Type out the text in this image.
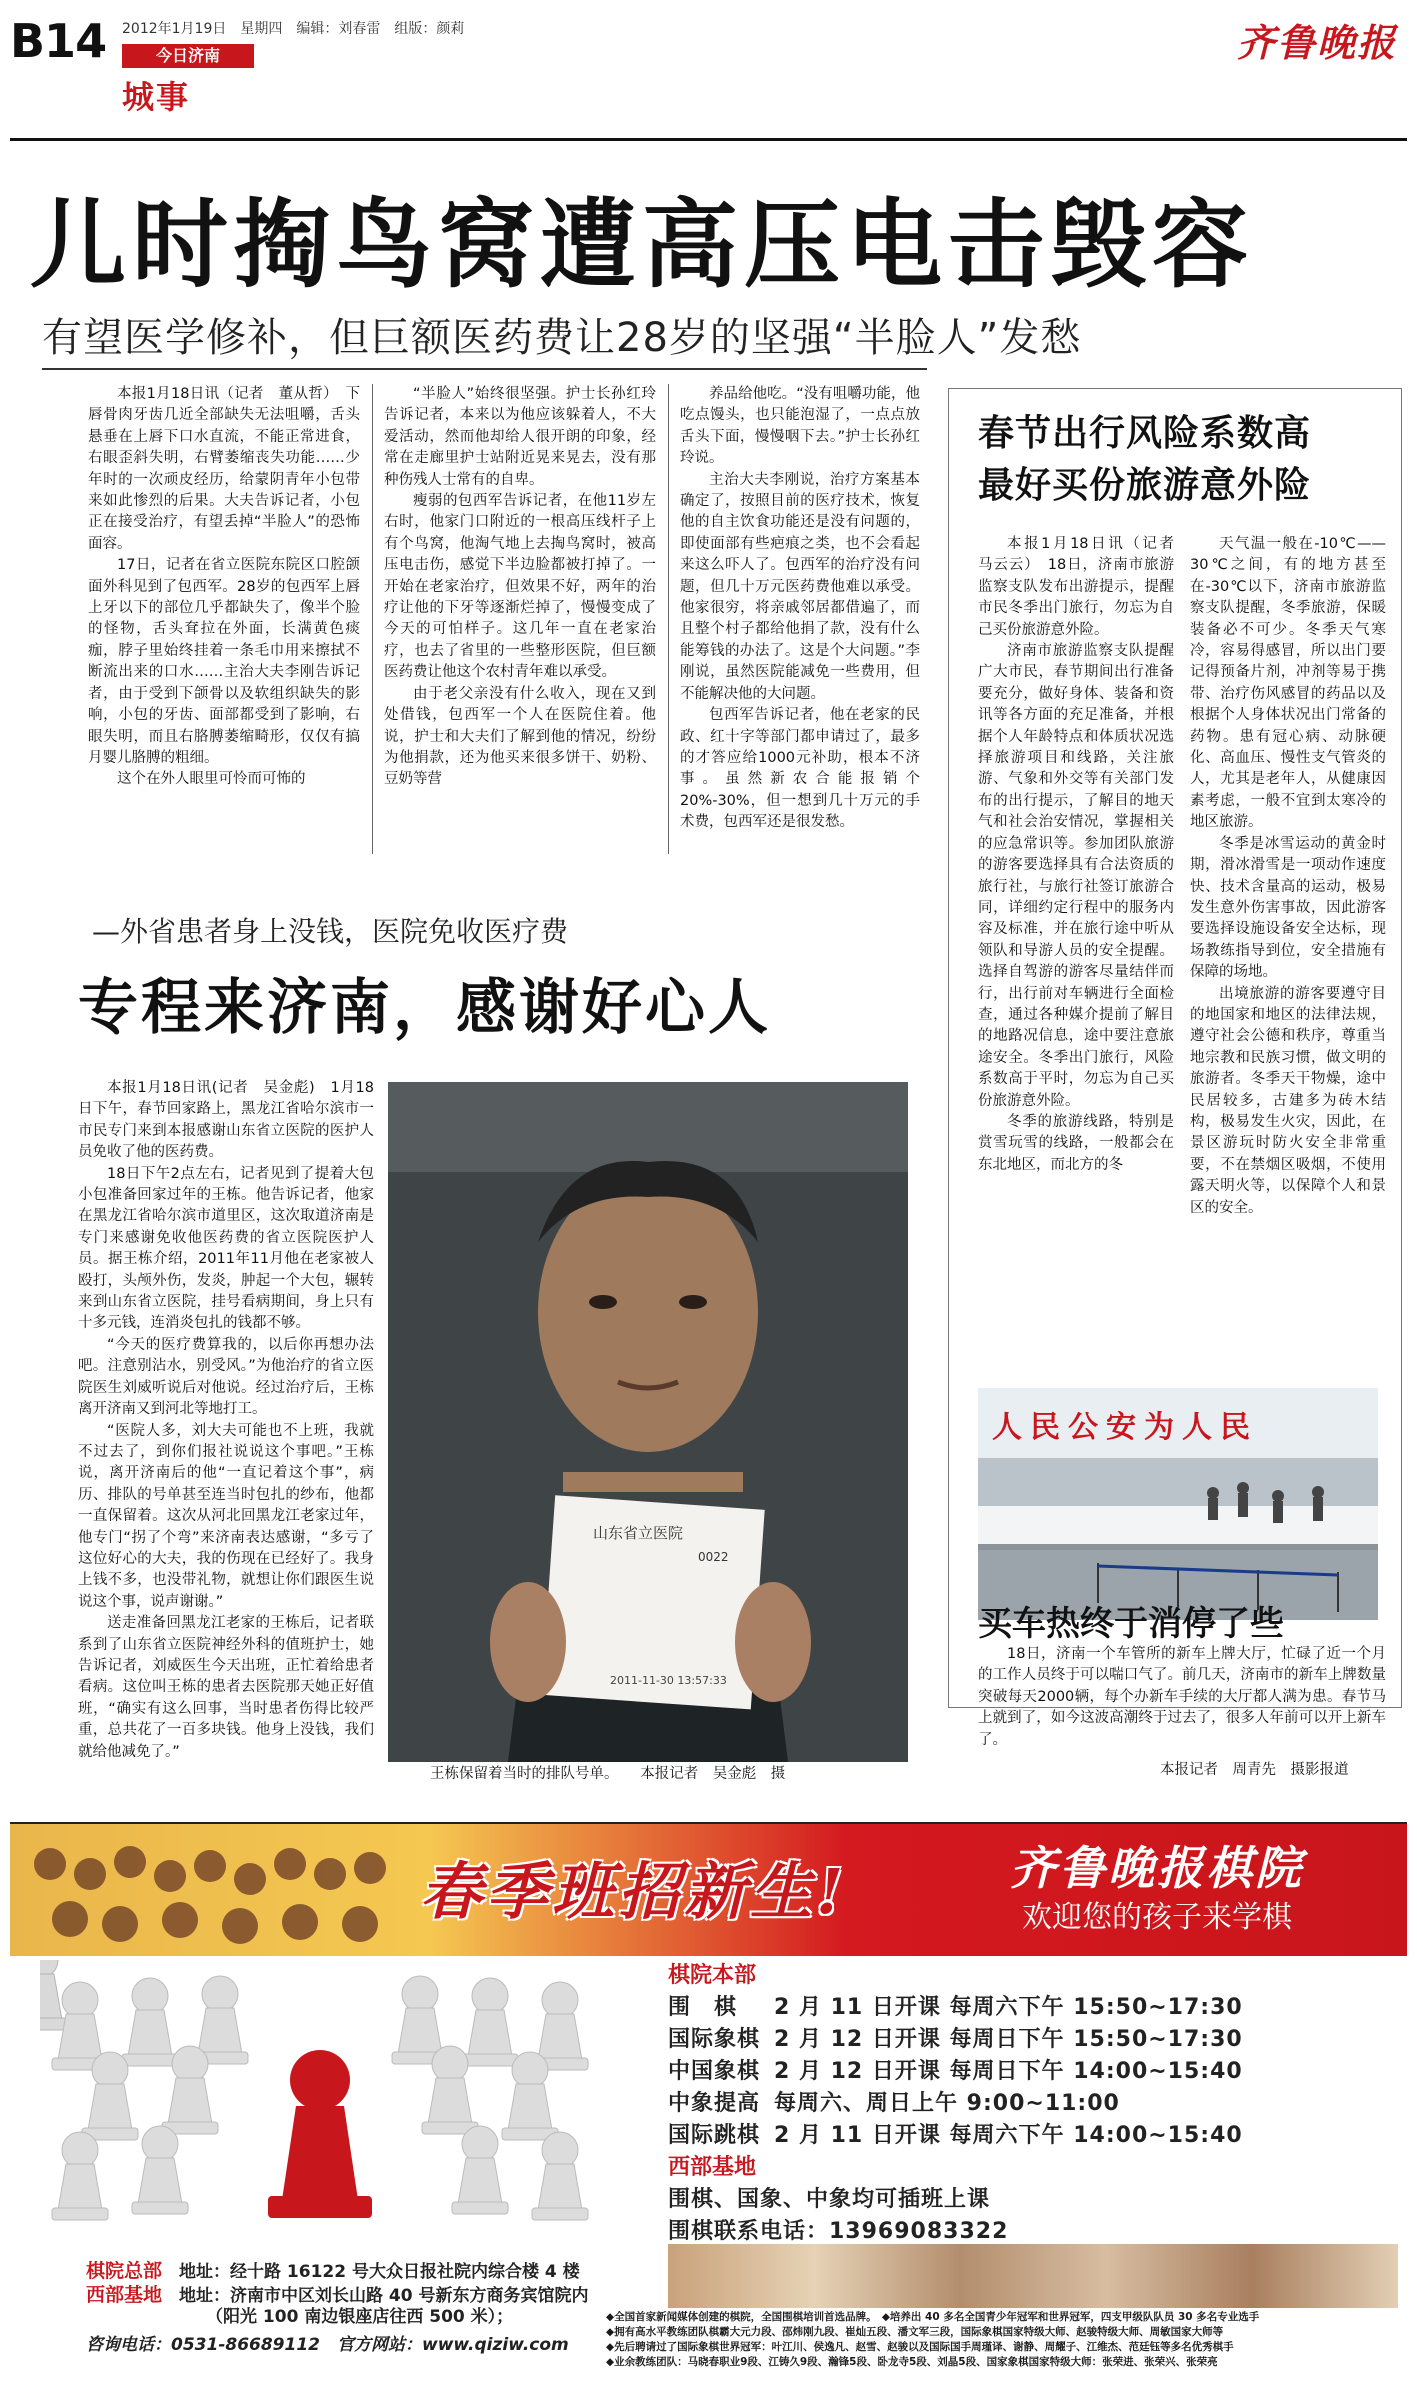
B14 2012年1月19日　星期四　编辑：刘春雷　组版：颜莉
今日济南
城事
齐鲁晚报
儿时掏鸟窝遭高压电击毁容
有望医学修补，但巨额医药费让28岁的坚强“半脸人”发愁

本报1月18日讯（记者　董从哲）　下唇骨肉牙齿几近全部缺失无法咀嚼，舌头悬垂在上唇下口水直流，不能正常进食，右眼歪斜失明，右臂萎缩丧失功能……少年时的一次顽皮经历，给蒙阴青年小包带来如此惨烈的后果。大夫告诉记者，小包正在接受治疗，有望丢掉“半脸人”的恐怖面容。

17日，记者在省立医院东院区口腔颌面外科见到了包西军。28岁的包西军上唇上牙以下的部位几乎都缺失了，像半个脸的怪物，舌头耷拉在外面，长满黄色痰痂，脖子里始终挂着一条毛巾用来擦拭不断流出来的口水……主治大夫李刚告诉记者，由于受到下颌骨以及软组织缺失的影响，小包的牙齿、面部都受到了影响，右眼失明，而且右胳膊萎缩畸形，仅仅有搞月婴儿胳膊的粗细。

这个在外人眼里可怜而可怖的

“半脸人”始终很坚强。护士长孙红玲告诉记者，本来以为他应该躲着人，不大爱活动，然而他却给人很开朗的印象，经常在走廊里护士站附近晃来晃去，没有那种伤残人士常有的自卑。

瘦弱的包西军告诉记者，在他11岁左右时，他家门口附近的一根高压线杆子上有个鸟窝，他淘气地上去掏鸟窝时，被高压电击伤，感觉下半边脸都被打掉了。一开始在老家治疗，但效果不好，两年的治疗让他的下牙等逐渐烂掉了，慢慢变成了今天的可怕样子。这几年一直在老家治疗，也去了省里的一些整形医院，但巨额医药费让他这个农村青年难以承受。

由于老父亲没有什么收入，现在又到处借钱，包西军一个人在医院住着。他说，护士和大夫们了解到他的情况，纷纷为他捐款，还为他买来很多饼干、奶粉、豆奶等营

养品给他吃。“没有咀嚼功能，他吃点馒头，也只能泡湿了，一点点放舌头下面，慢慢咽下去。”护士长孙红玲说。

主治大夫李刚说，治疗方案基本确定了，按照目前的医疗技术，恢复他的自主饮食功能还是没有问题的，即使面部有些疤痕之类，也不会看起来这么吓人了。包西军的治疗没有问题，但几十万元医药费他难以承受。他家很穷，将亲戚邻居都借遍了，而且整个村子都给他捐了款，没有什么能筹钱的办法了。这是个大问题。”李刚说，虽然医院能减免一些费用，但不能解决他的大问题。

包西军告诉记者，他在老家的民政、红十字等部门都申请过了，最多的才答应给1000元补助，根本不济事。虽然新农合能报销个20%-30%，但一想到几十万元的手术费，包西军还是很发愁。

春节出行风险系数高
最好买份旅游意外险

本报1月18日讯（记者　马云云）　18日，济南市旅游监察支队发布出游提示，提醒市民冬季出门旅行，勿忘为自己买份旅游意外险。

济南市旅游监察支队提醒广大市民，春节期间出行准备要充分，做好身体、装备和资讯等各方面的充足准备，并根据个人年龄特点和体质状况选择旅游项目和线路，关注旅游、气象和外交等有关部门发布的出行提示，了解目的地天气和社会治安情况，掌握相关的应急常识等。参加团队旅游的游客要选择具有合法资质的旅行社，与旅行社签订旅游合同，详细约定行程中的服务内容及标准，并在旅行途中听从领队和导游人员的安全提醒。选择自驾游的游客尽量结伴而行，出行前对车辆进行全面检查，通过各种媒介提前了解目的地路况信息，途中要注意旅途安全。冬季出门旅行，风险系数高于平时，勿忘为自己买份旅游意外险。

冬季的旅游线路，特别是赏雪玩雪的线路，一般都会在东北地区，而北方的冬

天气温一般在-10℃——30℃之间，有的地方甚至在-30℃以下，济南市旅游监察支队提醒，冬季旅游，保暖装备必不可少。冬季天气寒冷，容易得感冒，所以出门要记得预备片剂，冲剂等易于携带、治疗伤风感冒的药品以及根据个人身体状况出门常备的药物。患有冠心病、动脉硬化、高血压、慢性支气管炎的人，尤其是老年人，从健康因素考虑，一般不宜到太寒冷的地区旅游。

冬季是冰雪运动的黄金时期，滑冰滑雪是一项动作速度快、技术含量高的运动，极易发生意外伤害事故，因此游客要选择设施设备安全达标，现场教练指导到位，安全措施有保障的场地。

出境旅游的游客要遵守目的地国家和地区的法律法规，遵守社会公德和秩序，尊重当地宗教和民族习惯，做文明的旅游者。冬季天干物燥，途中民居较多，古建多为砖木结构，极易发生火灾，因此，在景区游玩时防火安全非常重要，不在禁烟区吸烟，不使用露天明火等，以保障个人和景区的安全。

人民公安为人民
买车热终于消停了些

18日，济南一个车管所的新车上牌大厅，忙碌了近一个月的工作人员终于可以喘口气了。前几天，济南市的新车上牌数量突破每天2000辆，每个办新车手续的大厅都人满为患。春节马上就到了，如今这波高潮终于过去了，很多人年前可以开上新车了。

本报记者　周青先　摄影报道
—外省患者身上没钱，医院免收医疗费
专程来济南，感谢好心人

本报1月18日讯(记者　吴金彪)　1月18日下午，春节回家路上，黑龙江省哈尔滨市一市民专门来到本报感谢山东省立医院的医护人员免收了他的医药费。

18日下午2点左右，记者见到了提着大包小包准备回家过年的王栋。他告诉记者，他家在黑龙江省哈尔滨市道里区，这次取道济南是专门来感谢免收他医药费的省立医院医护人员。据王栋介绍，2011年11月他在老家被人殴打，头颅外伤，发炎，肿起一个大包，辗转来到山东省立医院，挂号看病期间，身上只有十多元钱，连消炎包扎的钱都不够。

“今天的医疗费算我的，以后你再想办法吧。注意别沾水，别受风。”为他治疗的省立医院医生刘威听说后对他说。经过治疗后，王栋离开济南又到河北等地打工。

“医院人多，刘大夫可能也不上班，我就不过去了，到你们报社说说这个事吧。”王栋说，离开济南后的他“一直记着这个事”，病历、排队的号单甚至连当时包扎的纱布，他都一直保留着。这次从河北回黑龙江老家过年，他专门“拐了个弯”来济南表达感谢，“多亏了这位好心的大夫，我的伤现在已经好了。我身上钱不多，也没带礼物，就想让你们跟医生说说这个事，说声谢谢。”

送走准备回黑龙江老家的王栋后，记者联系到了山东省立医院神经外科的值班护士，她告诉记者，刘威医生今天出班，正忙着给患者看病。这位叫王栋的患者去医院那天她正好值班，“确实有这么回事，当时患者伤得比较严重，总共花了一百多块钱。他身上没钱，我们就给他减免了。”

山东省立医院
0022
2011-11-30 13:57:33
王栋保留着当时的排队号单。　　本报记者　吴金彪　摄
春季班招新生!	齐鲁晚报棋院
欢迎您的孩子来学棋
棋院本部
围　棋 2 月 11 日开课 每周六下午 15:50~17:30
国际象棋 2 月 12 日开课 每周日下午 15:50~17:30
中国象棋 2 月 12 日开课 每周日下午 14:00~15:40
中象提高 每周六、周日上午 9:00~11:00
国际跳棋 2 月 11 日开课 每周六下午 14:00~15:40
西部基地
围棋、国象、中象均可插班上课
围棋联系电话：13969083322
棋院总部　 地址：经十路 16122 号大众日报社院内综合楼 4 楼
西部基地　 地址：济南市中区刘长山路 40 号新东方商务宾馆院内
（阳光 100 南边银座店往西 500 米）；
咨询电话：0531-86689112　官方网站：www.qiziw.com
◆全国首家新闻媒体创建的棋院，全国围棋培训首选品牌。　◆培养出 40 多名全国青少年冠军和世界冠军，四支甲级队队员 30 多名专业选手
◆拥有高水平教练团队棋霸大元力段、邵炜刚九段、崔灿五段、潘文军三段，国际象棋国家特级大师、赵骏特级大师、周敏国家大师等
◆先后聘请过了国际象棋世界冠军：叶江川、侯逸凡、赵雪、赵骏以及国际国手周瑾译、谢静、周耀子、江维杰、范廷钰等多名优秀棋手
◆业余教练团队：马晓春职业9段、江铸久9段、瀚锋5段、卧龙寺5段、刘晶5段、国家象棋国家特级大师：张荣进、张荣兴、张荣亮
